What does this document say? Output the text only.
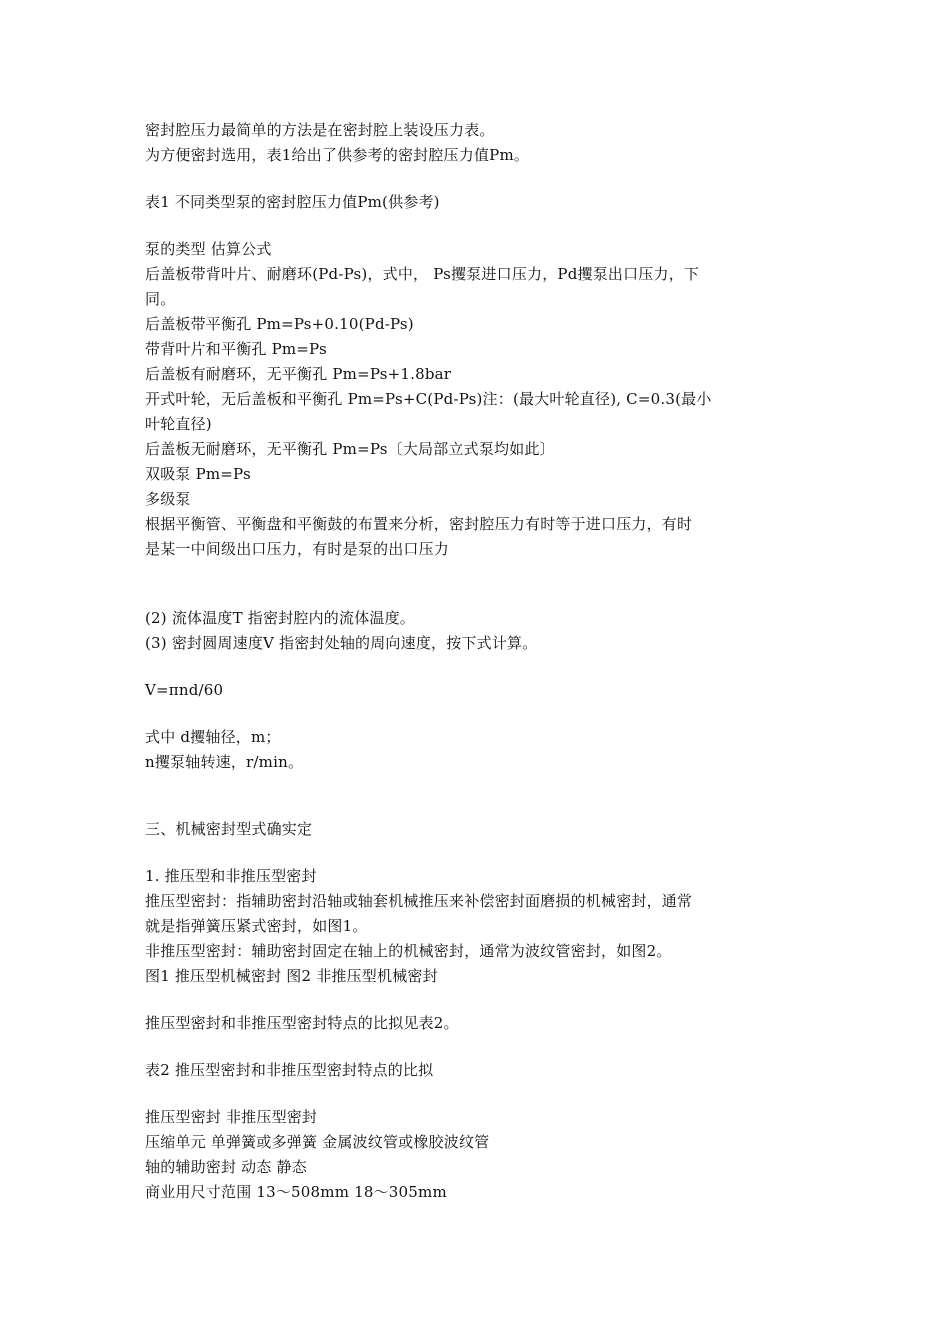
密封腔压力最简单的方法是在密封腔上装设压力表。
为方便密封选用，表1给出了供参考的密封腔压力值Pm。
表1 不同类型泵的密封腔压力值Pm(供参考)
泵的类型 估算公式
后盖板带背叶片、耐磨环(Pd-Ps)，式中， Ps攫泵进口压力，Pd攫泵出口压力，下
同。
后盖板带平衡孔 Pm=Ps+0.10(Pd-Ps)
带背叶片和平衡孔 Pm=Ps
后盖板有耐磨环，无平衡孔 Pm=Ps+1.8bar
开式叶轮，无后盖板和平衡孔 Pm=Ps+C(Pd-Ps)注：(最大叶轮直径), C=0.3(最小
叶轮直径)
后盖板无耐磨环，无平衡孔 Pm=Ps〔大局部立式泵均如此〕
双吸泵 Pm=Ps
多级泵
根据平衡管、平衡盘和平衡鼓的布置来分析，密封腔压力有时等于进口压力，有时
是某一中间级出口压力，有时是泵的出口压力
(2) 流体温度T 指密封腔内的流体温度。
(3) 密封圆周速度V 指密封处轴的周向速度，按下式计算。
V=πnd/60
式中 d攫轴径，m；
n攫泵轴转速，r/min。
三、机械密封型式确实定
1. 推压型和非推压型密封
推压型密封：指辅助密封沿轴或轴套机械推压来补偿密封面磨损的机械密封，通常
就是指弹簧压紧式密封，如图1。
非推压型密封：辅助密封固定在轴上的机械密封，通常为波纹管密封，如图2。
图1 推压型机械密封 图2 非推压型机械密封
推压型密封和非推压型密封特点的比拟见表2。
表2 推压型密封和非推压型密封特点的比拟
推压型密封 非推压型密封
压缩单元 单弹簧或多弹簧 金属波纹管或橡胶波纹管
轴的辅助密封 动态 静态
商业用尺寸范围 13～508mm 18～305mm
